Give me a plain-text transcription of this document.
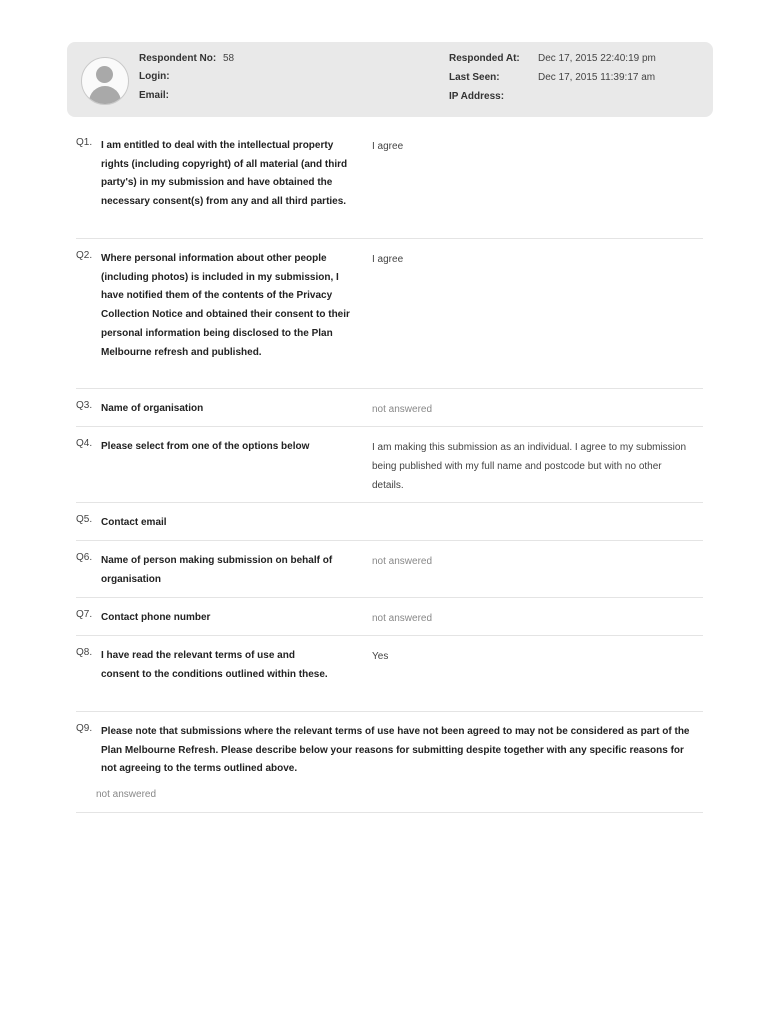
Respondent No: 58
Login:
Email:
Responded At: Dec 17, 2015 22:40:19 pm
Last Seen:	Dec 17, 2015 11:39:17 am
IP Address:
Q1. I am entitled to deal with the intellectual property rights (including copyright) of all material (and third party's) in my submission and have obtained the necessary consent(s) from any and all third parties.
I agree
Q2. Where personal information about other people (including photos) is included in my submission, I have notified them of the contents of the Privacy Collection Notice and obtained their consent to their personal information being disclosed to the Plan Melbourne refresh and published.
I agree
Q3. Name of organisation	not answered
Q4. Please select from one of the options below	I am making this submission as an individual. I agree to my submission being published with my full name and postcode but with no other details.
Q5. Contact email
Q6. Name of person making submission on behalf of organisation
not answered
Q7. Contact phone number	not answered
Q8. I have read the relevant terms of use and consent to the conditions outlined within these.
Yes
Q9. Please note that submissions where the relevant terms of use have not been agreed to may not be considered as part of the Plan Melbourne Refresh. Please describe below your reasons for submitting despite together with any specific reasons for not agreeing to the terms outlined above.
not answered
